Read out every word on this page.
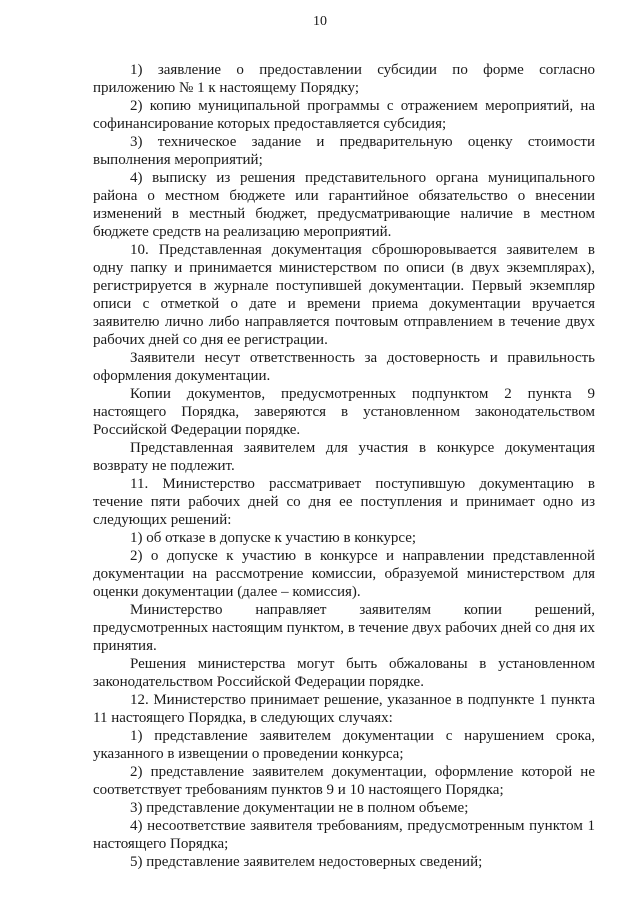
10

1) заявление о предоставлении субсидии по форме согласно приложению № 1 к настоящему Порядку;

2) копию муниципальной программы с отражением мероприятий, на софинансирование которых предоставляется субсидия;

3) техническое задание и предварительную оценку стоимости выполнения мероприятий;

4) выписку из решения представительного органа муниципального района о местном бюджете или гарантийное обязательство о внесении изменений в местный бюджет, предусматривающие наличие в местном бюджете средств на реализацию мероприятий.

10. Представленная документация сброшюровывается заявителем в одну папку и принимается министерством по описи (в двух экземплярах), регистрируется в журнале поступившей документации. Первый экземпляр описи с отметкой о дате и времени приема документации вручается заявителю лично либо направляется почтовым отправлением в течение двух рабочих дней со дня ее регистрации.

Заявители несут ответственность за достоверность и правильность оформления документации.

Копии документов, предусмотренных подпунктом 2 пункта 9 настоящего Порядка, заверяются в установленном законодательством Российской Федерации порядке.

Представленная заявителем для участия в конкурсе документация возврату не подлежит.

11. Министерство рассматривает поступившую документацию в течение пяти рабочих дней со дня ее поступления и принимает одно из следующих решений:

1) об отказе в допуске к участию в конкурсе;

2) о допуске к участию в конкурсе и направлении представленной документации на рассмотрение комиссии, образуемой министерством для оценки документации (далее – комиссия).

Министерство направляет заявителям копии решений, предусмотренных настоящим пунктом, в течение двух рабочих дней со дня их принятия.

Решения министерства могут быть обжалованы в установленном законодательством Российской Федерации порядке.

12. Министерство принимает решение, указанное в подпункте 1 пункта 11 настоящего Порядка, в следующих случаях:

1) представление заявителем документации с нарушением срока, указанного в извещении о проведении конкурса;

2) представление заявителем документации, оформление которой не соответствует требованиям пунктов 9 и 10 настоящего Порядка;

3) представление документации не в полном объеме;

4) несоответствие заявителя требованиям, предусмотренным пунктом 1 настоящего Порядка;

5) представление заявителем недостоверных сведений;
